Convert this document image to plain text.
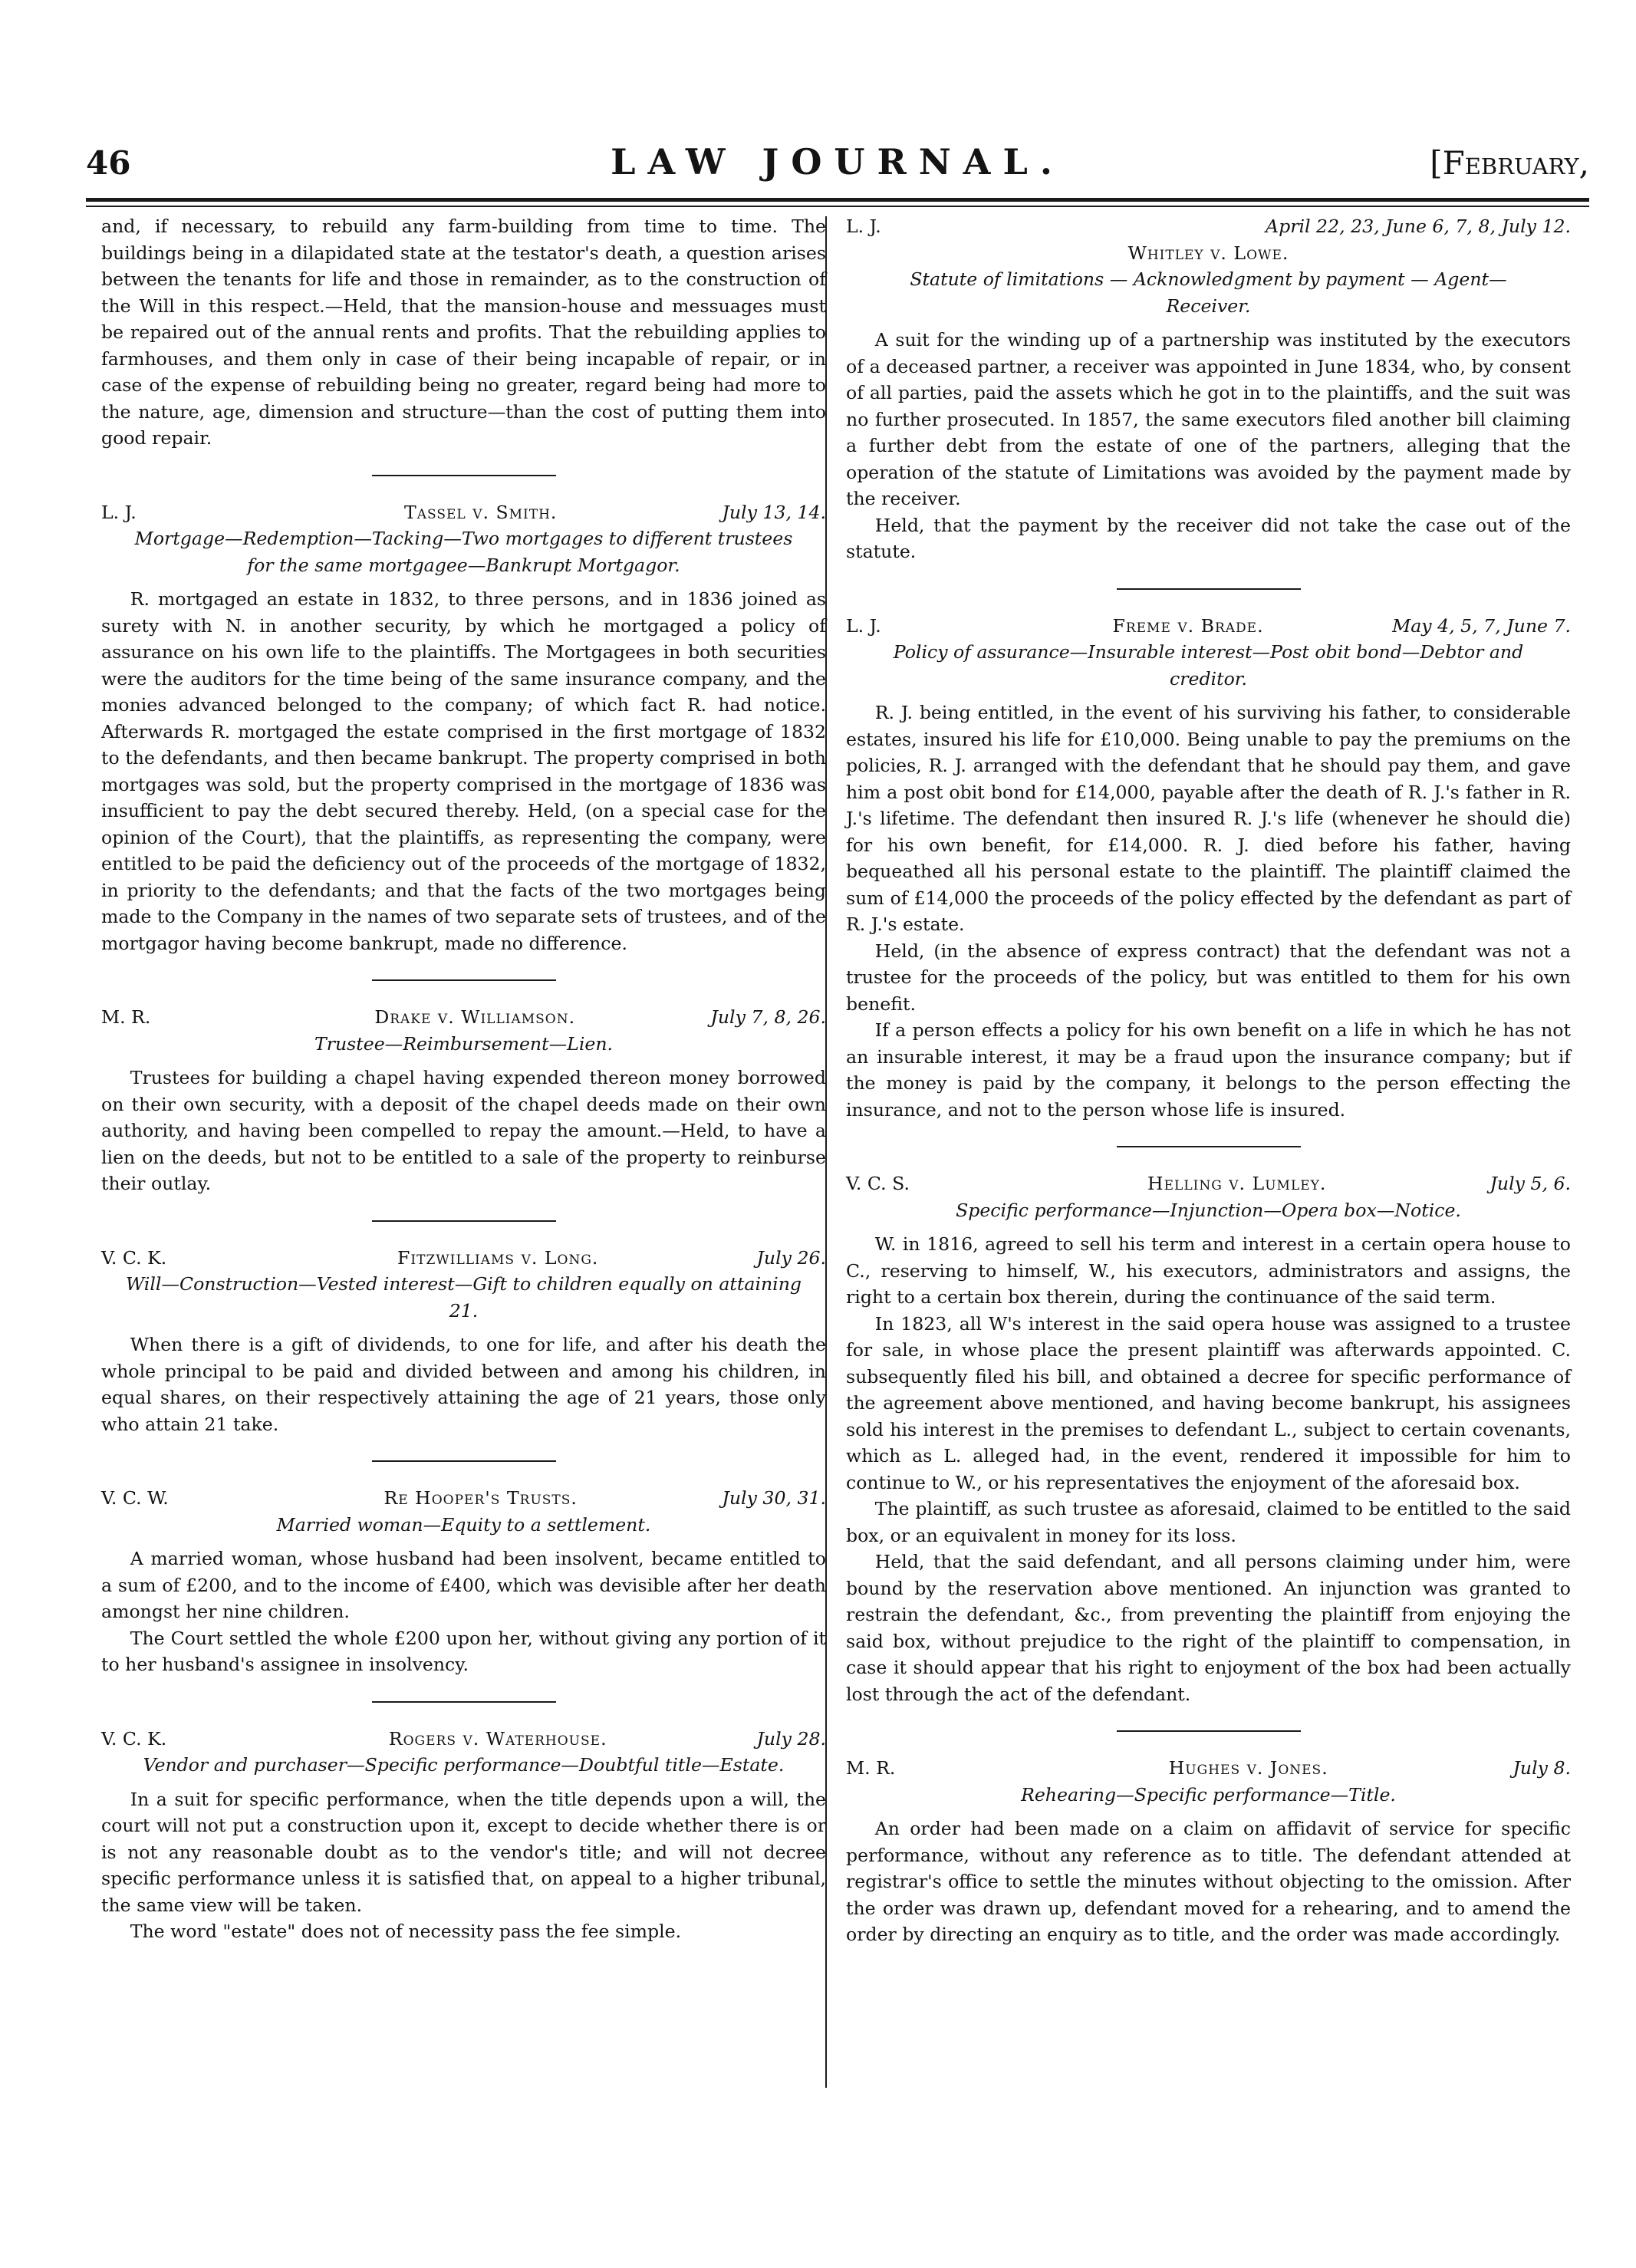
46	LAW JOURNAL.	[February,

and, if necessary, to rebuild any farm-building from time to time. The buildings being in a dilapidated state at the testator's death, a question arises between the tenants for life and those in remainder, as to the construction of the Will in this respect.—Held, that the mansion-house and messuages must be repaired out of the annual rents and profits. That the rebuilding applies to farmhouses, and them only in case of their being incapable of repair, or in case of the expense of rebuilding being no greater, regard being had more to the nature, age, dimension and structure—than the cost of putting them into good repair.

L. J.	Tassel v. Smith.	July 13, 14.
Mortgage—Redemption—Tacking—Two mortgages to different trustees for the same mortgagee—Bankrupt Mortgagor.

R. mortgaged an estate in 1832, to three persons, and in 1836 joined as surety with N. in another security, by which he mortgaged a policy of assurance on his own life to the plaintiffs. The Mortgagees in both securities were the auditors for the time being of the same insurance company, and the monies advanced belonged to the company; of which fact R. had notice. Afterwards R. mortgaged the estate comprised in the first mortgage of 1832 to the defendants, and then became bankrupt. The property comprised in both mortgages was sold, but the property comprised in the mortgage of 1836 was insufficient to pay the debt secured thereby. Held, (on a special case for the opinion of the Court), that the plaintiffs, as representing the company, were entitled to be paid the deficiency out of the proceeds of the mortgage of 1832, in priority to the defendants; and that the facts of the two mortgages being made to the Company in the names of two separate sets of trustees, and of the mortgagor having become bankrupt, made no difference.

M. R.	Drake v. Williamson.	July 7, 8, 26.
Trustee—Reimbursement—Lien.

Trustees for building a chapel having expended thereon money borrowed on their own security, with a deposit of the chapel deeds made on their own authority, and having been compelled to repay the amount.—Held, to have a lien on the deeds, but not to be entitled to a sale of the property to reinburse their outlay.

V. C. K.	Fitzwilliams v. Long.	July 26.
Will—Construction—Vested interest—Gift to children equally on attaining 21.

When there is a gift of dividends, to one for life, and after his death the whole principal to be paid and divided between and among his children, in equal shares, on their respectively attaining the age of 21 years, those only who attain 21 take.

V. C. W.	Re Hooper's Trusts.	July 30, 31.
Married woman—Equity to a settlement.

A married woman, whose husband had been insolvent, became entitled to a sum of £200, and to the income of £400, which was devisible after her death amongst her nine children.

The Court settled the whole £200 upon her, without giving any portion of it to her husband's assignee in insolvency.

V. C. K.	Rogers v. Waterhouse.	July 28.
Vendor and purchaser—Specific performance—Doubtful title—Estate.

In a suit for specific performance, when the title depends upon a will, the court will not put a construction upon it, except to decide whether there is or is not any reasonable doubt as to the vendor's title; and will not decree specific performance unless it is satisfied that, on appeal to a higher tribunal, the same view will be taken.

The word "estate" does not of necessity pass the fee simple.

L. J.	April 22, 23, June 6, 7, 8, July 12.
Whitley v. Lowe.
Statute of limitations — Acknowledgment by payment — Agent—Receiver.

A suit for the winding up of a partnership was instituted by the executors of a deceased partner, a receiver was appointed in June 1834, who, by consent of all parties, paid the assets which he got in to the plaintiffs, and the suit was no further prosecuted. In 1857, the same executors filed another bill claiming a further debt from the estate of one of the partners, alleging that the operation of the statute of Limitations was avoided by the payment made by the receiver.

Held, that the payment by the receiver did not take the case out of the statute.

L. J.	Freme v. Brade.	May 4, 5, 7, June 7.
Policy of assurance—Insurable interest—Post obit bond—Debtor and creditor.

R. J. being entitled, in the event of his surviving his father, to considerable estates, insured his life for £10,000. Being unable to pay the premiums on the policies, R. J. arranged with the defendant that he should pay them, and gave him a post obit bond for £14,000, payable after the death of R. J.'s father in R. J.'s lifetime. The defendant then insured R. J.'s life (whenever he should die) for his own benefit, for £14,000. R. J. died before his father, having bequeathed all his personal estate to the plaintiff. The plaintiff claimed the sum of £14,000 the proceeds of the policy effected by the defendant as part of R. J.'s estate.

Held, (in the absence of express contract) that the defendant was not a trustee for the proceeds of the policy, but was entitled to them for his own benefit.

If a person effects a policy for his own benefit on a life in which he has not an insurable interest, it may be a fraud upon the insurance company; but if the money is paid by the company, it belongs to the person effecting the insurance, and not to the person whose life is insured.

V. C. S.	Helling v. Lumley.	July 5, 6.
Specific performance—Injunction—Opera box—Notice.

W. in 1816, agreed to sell his term and interest in a certain opera house to C., reserving to himself, W., his executors, administrators and assigns, the right to a certain box therein, during the continuance of the said term.

In 1823, all W's interest in the said opera house was assigned to a trustee for sale, in whose place the present plaintiff was afterwards appointed. C. subsequently filed his bill, and obtained a decree for specific performance of the agreement above mentioned, and having become bankrupt, his assignees sold his interest in the premises to defendant L., subject to certain covenants, which as L. alleged had, in the event, rendered it impossible for him to continue to W., or his representatives the enjoyment of the aforesaid box.

The plaintiff, as such trustee as aforesaid, claimed to be entitled to the said box, or an equivalent in money for its loss.

Held, that the said defendant, and all persons claiming under him, were bound by the reservation above mentioned. An injunction was granted to restrain the defendant, &c., from preventing the plaintiff from enjoying the said box, without prejudice to the right of the plaintiff to compensation, in case it should appear that his right to enjoyment of the box had been actually lost through the act of the defendant.

M. R.	Hughes v. Jones.	July 8.
Rehearing—Specific performance—Title.

An order had been made on a claim on affidavit of service for specific performance, without any reference as to title. The defendant attended at registrar's office to settle the minutes without objecting to the omission. After the order was drawn up, defendant moved for a rehearing, and to amend the order by directing an enquiry as to title, and the order was made accordingly.
